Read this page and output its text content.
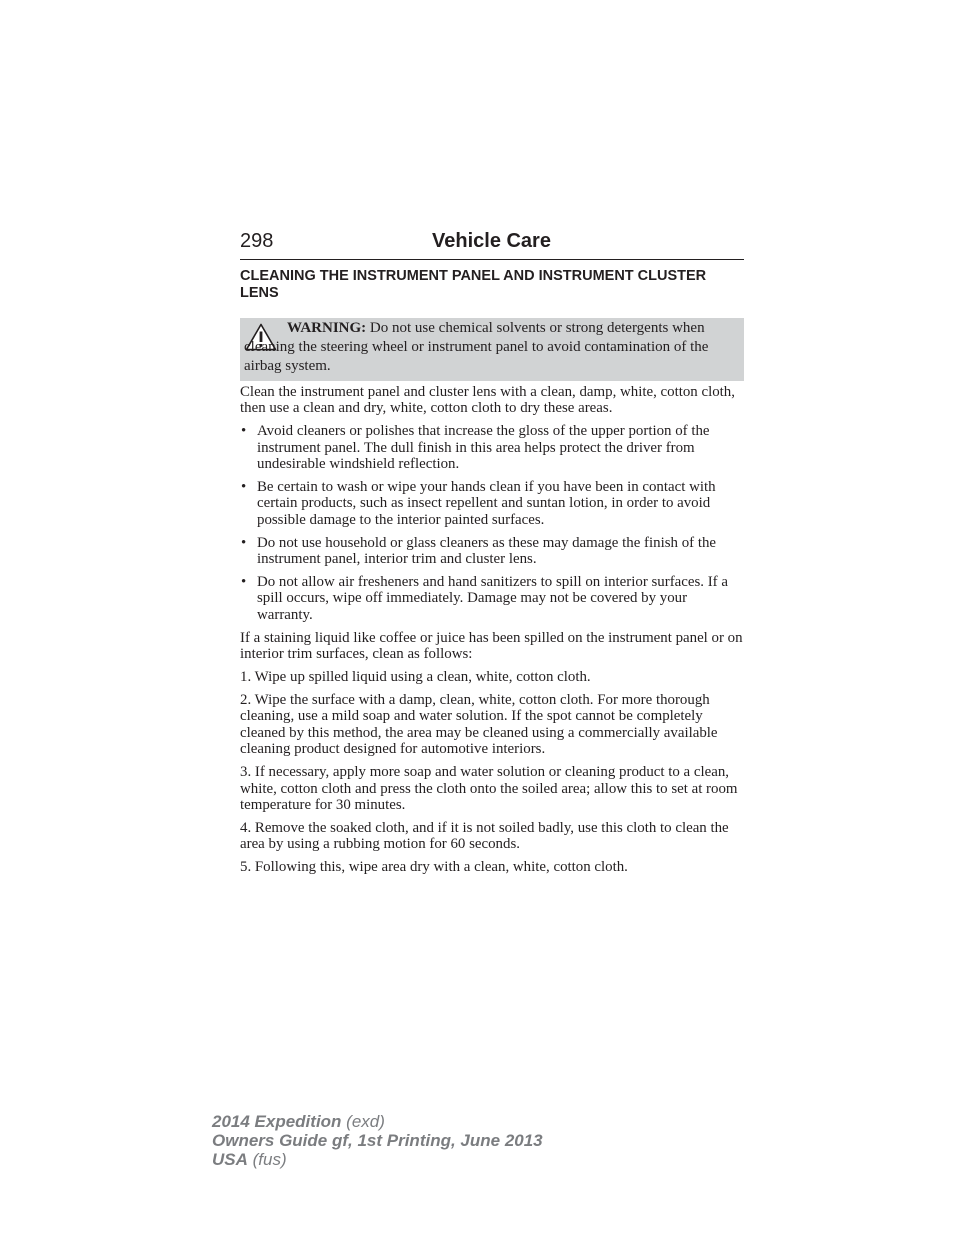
298	Vehicle Care
CLEANING THE INSTRUMENT PANEL AND INSTRUMENT CLUSTER LENS

WARNING: Do not use chemical solvents or strong detergents when cleaning the steering wheel or instrument panel to avoid contamination of the airbag system.

Clean the instrument panel and cluster lens with a clean, damp, white, cotton cloth, then use a clean and dry, white, cotton cloth to dry these areas.

• Avoid cleaners or polishes that increase the gloss of the upper portion of the instrument panel. The dull finish in this area helps protect the driver from undesirable windshield reflection.
• Be certain to wash or wipe your hands clean if you have been in contact with certain products, such as insect repellent and suntan lotion, in order to avoid possible damage to the interior painted surfaces.
• Do not use household or glass cleaners as these may damage the finish of the instrument panel, interior trim and cluster lens.
• Do not allow air fresheners and hand sanitizers to spill on interior surfaces. If a spill occurs, wipe off immediately. Damage may not be covered by your warranty.

If a staining liquid like coffee or juice has been spilled on the instrument panel or on interior trim surfaces, clean as follows:

1. Wipe up spilled liquid using a clean, white, cotton cloth.

2. Wipe the surface with a damp, clean, white, cotton cloth. For more thorough cleaning, use a mild soap and water solution. If the spot cannot be completely cleaned by this method, the area may be cleaned using a commercially available cleaning product designed for automotive interiors.

3. If necessary, apply more soap and water solution or cleaning product to a clean, white, cotton cloth and press the cloth onto the soiled area; allow this to set at room temperature for 30 minutes.

4. Remove the soaked cloth, and if it is not soiled badly, use this cloth to clean the area by using a rubbing motion for 60 seconds.

5. Following this, wipe area dry with a clean, white, cotton cloth.

2014 Expedition (exd)
Owners Guide gf, 1st Printing, June 2013
USA (fus)
